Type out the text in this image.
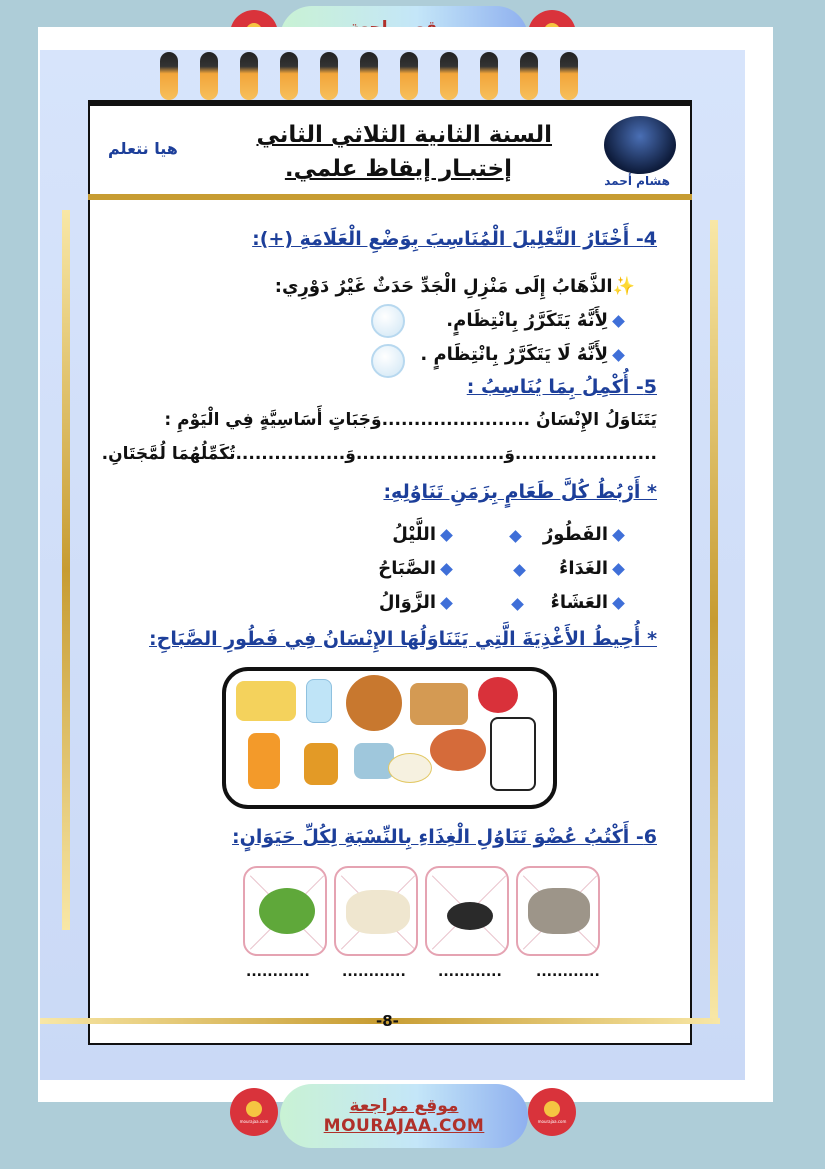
السنة الثانية الثلاثي الثاني
إختبـار إيقاظ علمي.
هيا نتعلم
هشام أحمد
4- أَخْتَارُ التَّعْلِيلَ الْمُنَاسِبَ بِوَضْعِ الْعَلَامَةِ (+):
✨الذَّهَابُ إِلَى مَنْزِلِ الْجَدِّ حَدَثٌ غَيْرُ دَوْرِي:
لِأَنَّهُ يَتَكَرَّرُ بِانْتِظَامٍ.
لِأَنَّهُ لَا يَتَكَرَّرُ بِانْتِظَامٍ .
5- أُكْمِلُ بِمَا يُنَاسِبُ :
يَتَنَاوَلُ الإِنْسَانُ .......................وَجَبَاتٍ أَسَاسِيَّةٍ فِي الْيَوْمِ :
......................وَ.......................وَ.................تُكَمِّلُهُمَا لُمَّجَتَانِ.
* أَرْبُطُ كُلَّ طَعَامٍ بِزَمَنِ تَنَاوُلِهِ:
الفَطُورُ
الغَدَاءُ
العَشَاءُ
اللَّيْلُ
الصَّبَاحُ
الزَّوَالُ
* أُحِيطُ الأَغْذِيَةَ الَّتِي يَتَنَاوَلُهَا الإِنْسَانُ فِي فَطُورِ الصَّبَاحِ:
6- أَكْتُبُ عُضْوَ تَنَاوُلِ الْغِذَاءِ بِالنِّسْبَةِ لِكُلِّ حَيَوَانٍ:
............ ............ ............ ............
-8-
mourajaa.com
موقع مراجعة
MOURAJAA.COM	mourajaa.com
